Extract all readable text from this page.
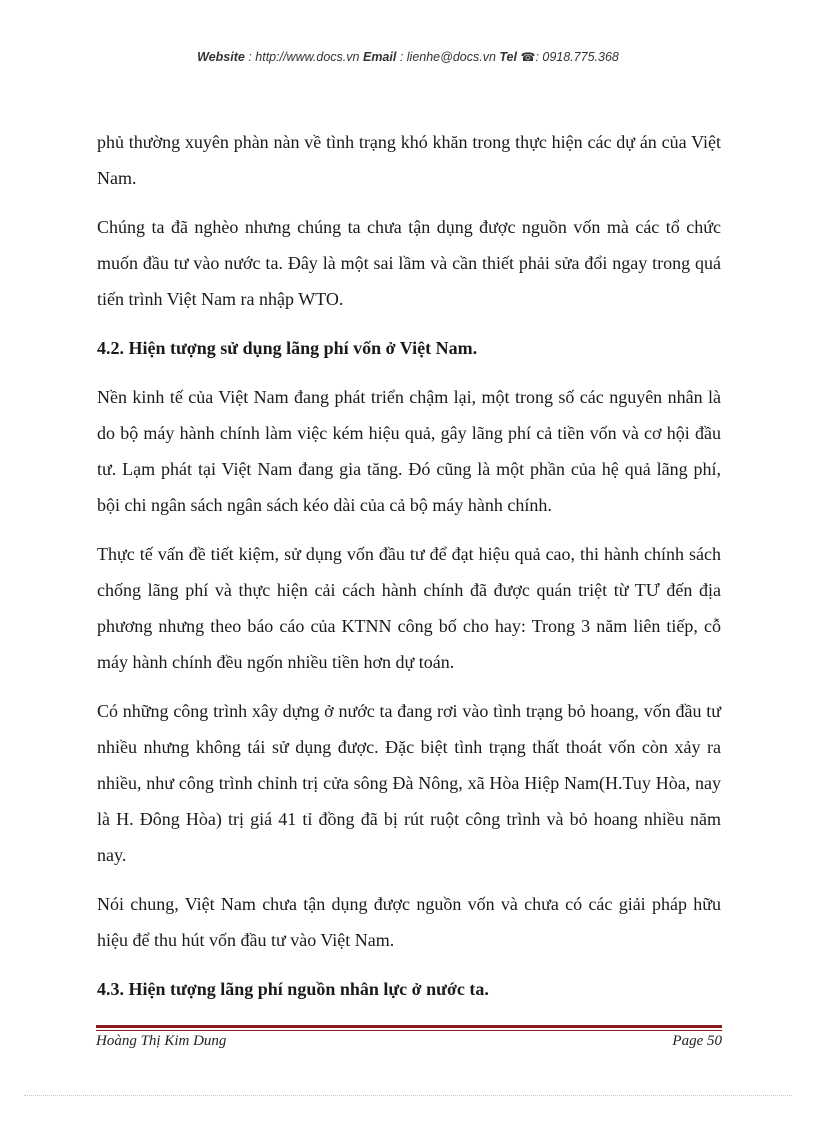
Website : http://www.docs.vn Email : lienhe@docs.vn Tel ☎: 0918.775.368

phủ thường xuyên phàn nàn về tình trạng khó khăn trong thực hiện các dự án của Việt Nam.

Chúng ta đã nghèo nhưng chúng ta chưa tận dụng được nguồn vốn mà các tổ chức muốn đầu tư vào nước ta. Đây là một sai lầm và cần thiết phải sửa đổi ngay trong quá tiến trình Việt Nam ra nhập WTO.

4.2. Hiện tượng sử dụng lãng phí vốn ở Việt Nam.

Nền kinh tế của Việt Nam đang phát triển chậm lại, một trong số các nguyên nhân là do bộ máy hành chính làm việc kém hiệu quả, gây lãng phí cả tiền vốn và cơ hội đầu tư. Lạm phát tại Việt Nam đang gia tăng. Đó cũng là một phần của hệ quả lãng phí, bội chi ngân sách ngân sách kéo dài của cả bộ máy hành chính.

Thực tế vấn đề tiết kiệm, sử dụng vốn đầu tư để đạt hiệu quả cao, thi hành chính sách chống lãng phí và thực hiện cải cách hành chính đã được quán triệt từ TƯ đến địa phương nhưng theo báo cáo của KTNN công bố cho hay: Trong 3 năm liên tiếp, cỗ máy hành chính đều ngốn nhiều tiền hơn dự toán.

Có những công trình xây dựng ở nước ta đang rơi vào tình trạng bỏ hoang, vốn đầu tư nhiều nhưng không tái sử dụng được. Đặc biệt tình trạng thất thoát vốn còn xảy ra nhiều, như công trình chỉnh trị cửa sông Đà Nông, xã Hòa Hiệp Nam(H.Tuy Hòa, nay là H. Đông Hòa) trị giá 41 tỉ đồng đã bị rút ruột công trình và bỏ hoang nhiều năm nay.

Nói chung, Việt Nam chưa tận dụng được nguồn vốn và chưa có các giải pháp hữu hiệu để thu hút vốn đầu tư vào Việt Nam.

4.3. Hiện tượng lãng phí nguồn nhân lực ở nước ta.
Hoàng Thị Kim Dung	Page 50
